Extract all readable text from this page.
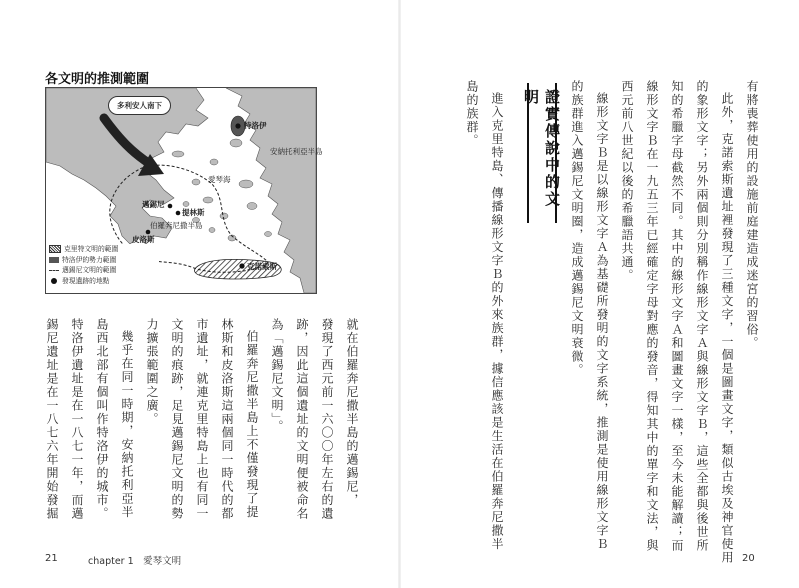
各文明的推測範圍
多利安人南下
特洛伊
安納托利亞半島
愛琴海
邁錫尼
提林斯
伯羅奔尼撒半島
皮洛斯
克諾索斯
克里特文明的範圍
特洛伊的勢力範圍
邁錫尼文明的範圍
發現遺跡的地點
就在伯羅奔尼撒半島的邁錫尼，
發現了西元前一六〇〇年左右的遺
跡，因此這個遺址的文明便被命名
為「邁錫尼文明」。
伯羅奔尼撒半島上不僅發現了提
林斯和皮洛斯這兩個同一時代的都
市遺址，就連克里特島上也有同一
文明的痕跡，足見邁錫尼文明的勢
力擴張範圍之廣。
幾乎在同一時期，安納托利亞半
島西北部有個叫作特洛伊的城市。
特洛伊遺址是在一八七一年，而邁
錫尼遺址是在一八七六年開始發掘
21	chapter 1　愛琴文明
有將喪葬使用的設施前庭建造成迷宮的習俗。
此外，克諾索斯遺址裡發現了三種文字，一個是圖畫文字，類似古埃及神官使用
的象形文字；另外兩個則分別稱作線形文字Ａ與線形文字Ｂ，這些全都與後世所
知的希臘字母截然不同。其中的線形文字Ａ和圖畫文字一樣，至今未能解讀；而
線形文字Ｂ在一九五三年已經確定字母對應的發音，得知其中的單字和文法，與
西元前八世紀以後的希臘語共通。
線形文字Ｂ是以線形文字Ａ為基礎所發明的文字系統，推測是使用線形文字Ｂ
的族群進入邁錫尼文明圈，造成邁錫尼文明衰微。
證實傳說中的文明
進入克里特島、傳播線形文字Ｂ的外來族群，據信應該是生活在伯羅奔尼撒半
島的族群。
20
